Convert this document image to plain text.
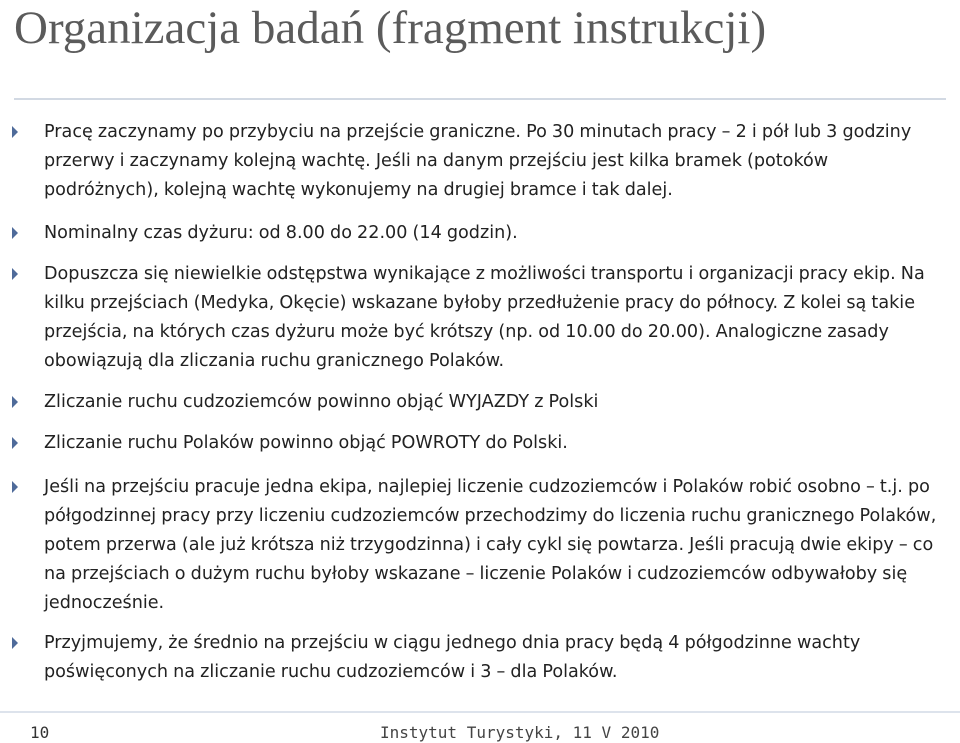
Organizacja badań (fragment instrukcji)
Pracę zaczynamy po przybyciu na przejście graniczne. Po 30 minutach pracy – 2 i pół lub 3 godziny przerwy i zaczynamy kolejną wachtę. Jeśli na danym przejściu jest kilka bramek (potoków podróżnych), kolejną wachtę wykonujemy na drugiej bramce i tak dalej.
Nominalny czas dyżuru: od 8.00 do 22.00 (14 godzin).
Dopuszcza się niewielkie odstępstwa wynikające z możliwości transportu i organizacji pracy ekip. Na kilku przejściach (Medyka, Okęcie) wskazane byłoby przedłużenie pracy do północy. Z kolei są takie przejścia, na których czas dyżuru może być krótszy (np. od 10.00 do 20.00). Analogiczne zasady obowiązują dla zliczania ruchu granicznego Polaków.
Zliczanie ruchu cudzoziemców powinno objąć WYJAZDY z Polski
Zliczanie ruchu Polaków powinno objąć POWROTY do Polski.
Jeśli na przejściu pracuje jedna ekipa, najlepiej liczenie cudzoziemców i Polaków robić osobno – t.j. po półgodzinnej pracy przy liczeniu cudzoziemców przechodzimy do liczenia ruchu granicznego Polaków, potem przerwa (ale już krótsza niż trzygodzinna) i cały cykl się powtarza. Jeśli pracują dwie ekipy – co na przejściach o dużym ruchu byłoby wskazane – liczenie Polaków i cudzoziemców odbywałoby się jednocześnie.
Przyjmujemy, że średnio na przejściu w ciągu jednego dnia pracy będą 4 półgodzinne wachty poświęconych na zliczanie ruchu cudzoziemców i 3 – dla Polaków.
10	Instytut Turystyki, 11 V 2010
